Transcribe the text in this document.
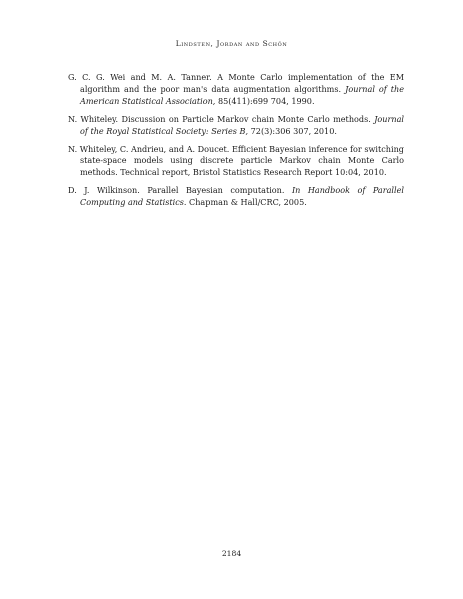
Lindsten, Jordan and Schön
G. C. G. Wei and M. A. Tanner. A Monte Carlo implementation of the EM algorithm and the poor man's data augmentation algorithms. Journal of the American Statistical Association, 85(411):699 704, 1990.
N. Whiteley. Discussion on Particle Markov chain Monte Carlo methods. Journal of the Royal Statistical Society: Series B, 72(3):306 307, 2010.
N. Whiteley, C. Andrieu, and A. Doucet. Efficient Bayesian inference for switching state-space models using discrete particle Markov chain Monte Carlo methods. Technical report, Bristol Statistics Research Report 10:04, 2010.
D. J. Wilkinson. Parallel Bayesian computation. In Handbook of Parallel Computing and Statistics. Chapman & Hall/CRC, 2005.
2184
